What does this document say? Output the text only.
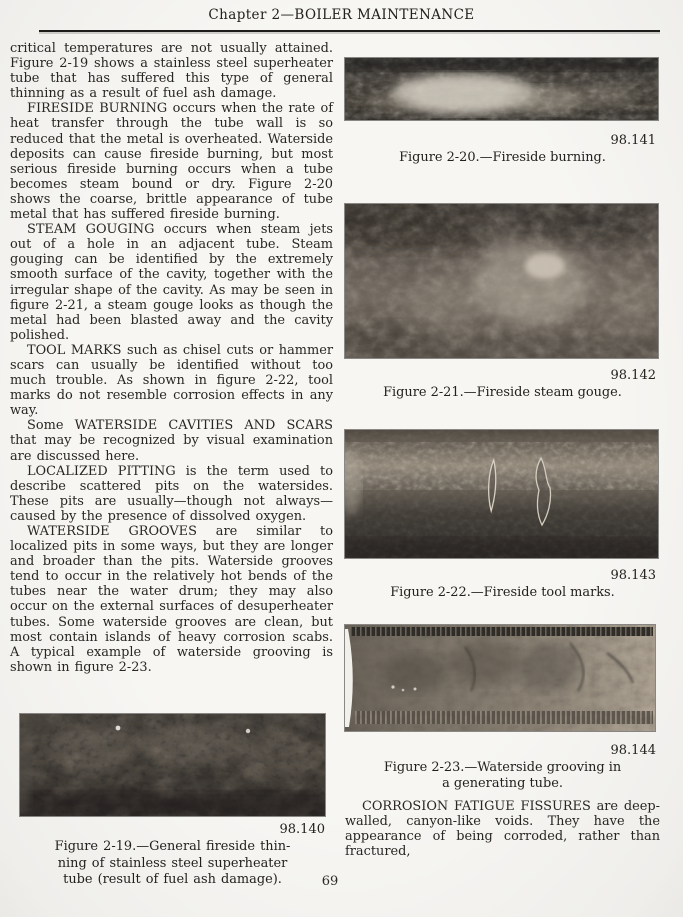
Chapter 2—BOILER MAINTENANCE

critical temperatures are not usually attained. Figure 2-19 shows a stainless steel superheater tube that has suffered this type of general thinning as a result of fuel ash damage.

FIRESIDE BURNING occurs when the rate of heat transfer through the tube wall is so reduced that the metal is overheated. Waterside deposits can cause fireside burning, but most serious fireside burning occurs when a tube becomes steam bound or dry. Figure 2-20 shows the coarse, brittle appearance of tube metal that has suffered fireside burning.

STEAM GOUGING occurs when steam jets out of a hole in an adjacent tube. Steam gouging can be identified by the extremely smooth surface of the cavity, together with the irregular shape of the cavity. As may be seen in figure 2-21, a steam gouge looks as though the metal had been blasted away and the cavity polished.

TOOL MARKS such as chisel cuts or hammer scars can usually be identified without too much trouble. As shown in figure 2-22, tool marks do not resemble corrosion effects in any way.

Some WATERSIDE CAVITIES AND SCARS that may be recognized by visual examination are discussed here.

LOCALIZED PITTING is the term used to describe scattered pits on the watersides. These pits are usually—though not always—caused by the presence of dissolved oxygen.

WATERSIDE GROOVES are similar to localized pits in some ways, but they are longer and broader than the pits. Waterside grooves tend to occur in the relatively hot bends of the tubes near the water drum; they may also occur on the external surfaces of desuperheater tubes. Some waterside grooves are clean, but most contain islands of heavy corrosion scabs. A typical example of waterside grooving is shown in figure 2-23.

98.140
Figure 2-19.—General fireside thin-
ning of stainless steel superheater
tube (result of fuel ash damage).
98.141
Figure 2-20.—Fireside burning.
98.142
Figure 2-21.—Fireside steam gouge.
98.143
Figure 2-22.—Fireside tool marks.
98.144
Figure 2-23.—Waterside grooving in
a generating tube.

CORROSION FATIGUE FISSURES are deep-walled, canyon-like voids. They have the appearance of being corroded, rather than fractured,

69
